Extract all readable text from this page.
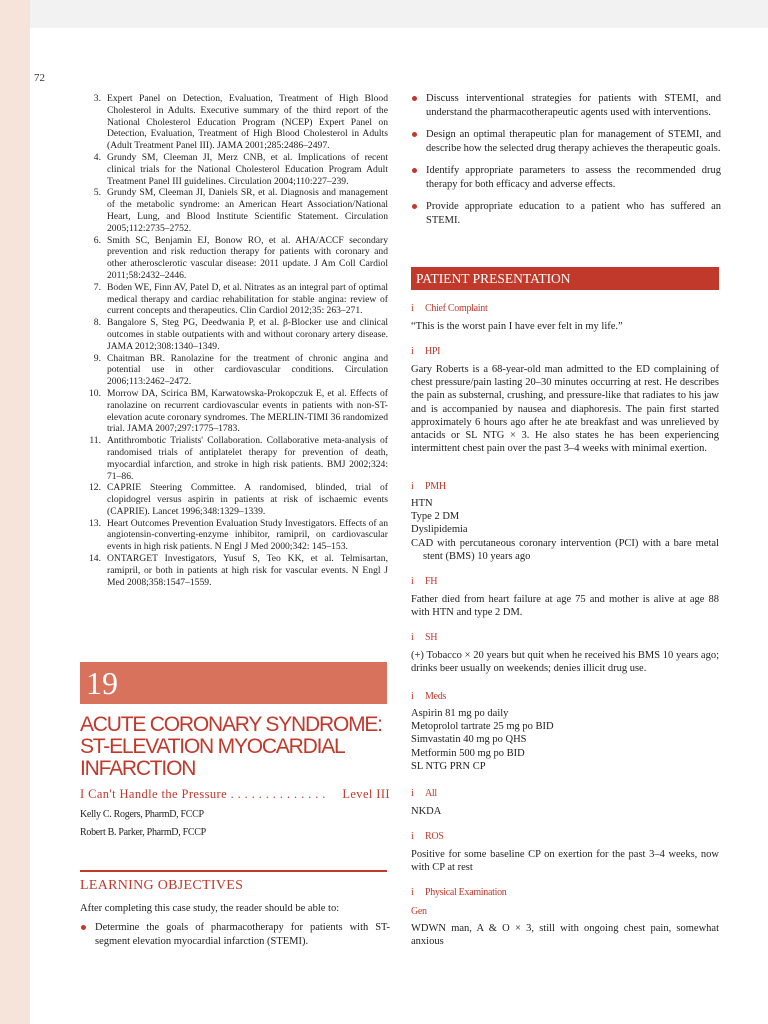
72
3. Expert Panel on Detection, Evaluation, Treatment of High Blood Cholesterol in Adults. Executive summary of the third report of the National Cholesterol Education Program (NCEP) Expert Panel on Detection, Evaluation, Treatment of High Blood Cholesterol in Adults (Adult Treatment Panel III). JAMA 2001;285:2486–2497.
4. Grundy SM, Cleeman JI, Merz CNB, et al. Implications of recent clinical trials for the National Cholesterol Education Program Adult Treatment Panel III guidelines. Circulation 2004;110:227–239.
5. Grundy SM, Cleeman JI, Daniels SR, et al. Diagnosis and management of the metabolic syndrome: an American Heart Association/National Heart, Lung, and Blood Institute Scientific Statement. Circulation 2005;112:2735–2752.
6. Smith SC, Benjamin EJ, Bonow RO, et al. AHA/ACCF secondary prevention and risk reduction therapy for patients with coronary and other atherosclerotic vascular disease: 2011 update. J Am Coll Cardiol 2011;58:2432–2446.
7. Boden WE, Finn AV, Patel D, et al. Nitrates as an integral part of optimal medical therapy and cardiac rehabilitation for stable angina: review of current concepts and therapeutics. Clin Cardiol 2012;35: 263–271.
8. Bangalore S, Steg PG, Deedwania P, et al. β-Blocker use and clinical outcomes in stable outpatients with and without coronary artery disease. JAMA 2012;308:1340–1349.
9. Chaitman BR. Ranolazine for the treatment of chronic angina and potential use in other cardiovascular conditions. Circulation 2006;113:2462–2472.
10. Morrow DA, Scirica BM, Karwatowska-Prokopczuk E, et al. Effects of ranolazine on recurrent cardiovascular events in patients with non-ST-elevation acute coronary syndromes. The MERLIN-TIMI 36 randomized trial. JAMA 2007;297:1775–1783.
11. Antithrombotic Trialists' Collaboration. Collaborative meta-analysis of randomised trials of antiplatelet therapy for prevention of death, myocardial infarction, and stroke in high risk patients. BMJ 2002;324: 71–86.
12. CAPRIE Steering Committee. A randomised, blinded, trial of clopidogrel versus aspirin in patients at risk of ischaemic events (CAPRIE). Lancet 1996;348:1329–1339.
13. Heart Outcomes Prevention Evaluation Study Investigators. Effects of an angiotensin-converting-enzyme inhibitor, ramipril, on cardiovascular events in high risk patients. N Engl J Med 2000;342: 145–153.
14. ONTARGET Investigators, Yusuf S, Teo KK, et al. Telmisartan, ramipril, or both in patients at high risk for vascular events. N Engl J Med 2008;358:1547–1559.
19
ACUTE CORONARY SYNDROME:
ST-ELEVATION MYOCARDIAL
INFARCTION
I Can't Handle the Pressure . . . . . . . . . . . . . . Level III
Kelly C. Rogers, PharmD, FCCP
Robert B. Parker, PharmD, FCCP
LEARNING OBJECTIVES
After completing this case study, the reader should be able to:
Determine the goals of pharmacotherapy for patients with ST-segment elevation myocardial infarction (STEMI).
Discuss interventional strategies for patients with STEMI, and understand the pharmacotherapeutic agents used with interventions.
Design an optimal therapeutic plan for management of STEMI, and describe how the selected drug therapy achieves the therapeutic goals.
Identify appropriate parameters to assess the recommended drug therapy for both efficacy and adverse effects.
Provide appropriate education to a patient who has suffered an STEMI.
PATIENT PRESENTATION
i Chief Complaint
“This is the worst pain I have ever felt in my life.”
i HPI
Gary Roberts is a 68-year-old man admitted to the ED complaining of chest pressure/pain lasting 20–30 minutes occurring at rest. He describes the pain as substernal, crushing, and pressure-like that radiates to his jaw and is accompanied by nausea and diaphoresis. The pain first started approximately 6 hours ago after he ate breakfast and was unrelieved by antacids or SL NTG × 3. He also states he has been experiencing intermittent chest pain over the past 3–4 weeks with minimal exertion.
i PMH
HTN
Type 2 DM
Dyslipidemia
CAD with percutaneous coronary intervention (PCI) with a bare metal stent (BMS) 10 years ago
i FH
Father died from heart failure at age 75 and mother is alive at age 88 with HTN and type 2 DM.
i SH
(+) Tobacco × 20 years but quit when he received his BMS 10 years ago; drinks beer usually on weekends; denies illicit drug use.
i Meds
Aspirin 81 mg po daily
Metoprolol tartrate 25 mg po BID
Simvastatin 40 mg po QHS
Metformin 500 mg po BID
SL NTG PRN CP
i All
NKDA
i ROS
Positive for some baseline CP on exertion for the past 3–4 weeks, now with CP at rest
i Physical Examination
Gen
WDWN man, A & O × 3, still with ongoing chest pain, somewhat anxious
